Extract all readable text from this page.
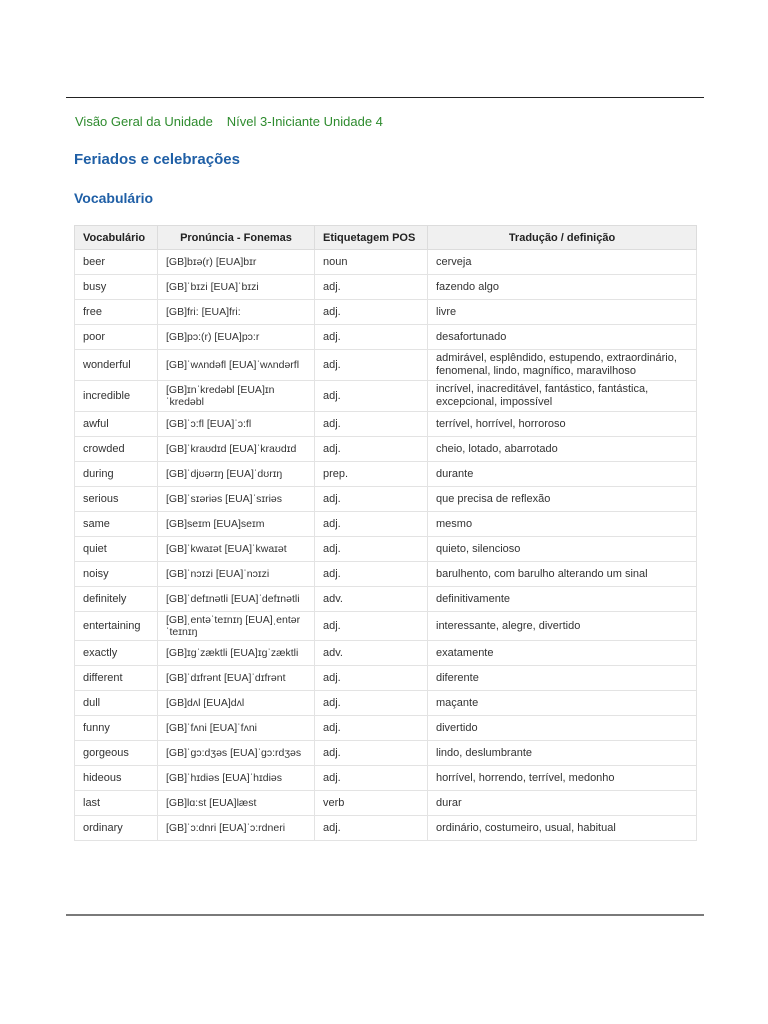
Visão Geral da Unidade Nível 3-Iniciante Unidade 4
Feriados e celebrações
Vocabulário
Vocabulário	Pronúncia - Fonemas	Etiquetagem POS	Tradução / definição
beer	[GB]bɪə(r) [EUA]bɪr	noun	cerveja
busy	[GB]ˈbɪzi [EUA]ˈbɪzi	adj.	fazendo algo
free	[GB]fri: [EUA]fri:	adj.	livre
poor	[GB]pɔ:(r) [EUA]pɔ:r	adj.	desafortunado
wonderful	[GB]ˈwʌndəfl [EUA]ˈwʌndərfl	adj.	admirável, esplêndido, estupendo, extraordinário, fenomenal, lindo, magnífico, maravilhoso
incredible	[GB]ɪnˈkredəbl [EUA]ɪnˈkredəbl	adj.	incrível, inacreditável, fantástico, fantástica, excepcional, impossível
awful	[GB]ˈɔ:fl [EUA]ˈɔ:fl	adj.	terrível, horrível, horroroso
crowded	[GB]ˈkraʊdɪd [EUA]ˈkraʊdɪd	adj.	cheio, lotado, abarrotado
during	[GB]ˈdjʊərɪŋ [EUA]ˈdʊrɪŋ	prep.	durante
serious	[GB]ˈsɪəriəs [EUA]ˈsɪriəs	adj.	que precisa de reflexão
same	[GB]seɪm [EUA]seɪm	adj.	mesmo
quiet	[GB]ˈkwaɪət [EUA]ˈkwaɪət	adj.	quieto, silencioso
noisy	[GB]ˈnɔɪzi [EUA]ˈnɔɪzi	adj.	barulhento, com barulho alterando um sinal
definitely	[GB]ˈdefɪnətli [EUA]ˈdefɪnətli	adv.	definitivamente
entertaining	[GB]ˌentəˈteɪnɪŋ [EUA]ˌentərˈteɪnɪŋ	adj.	interessante, alegre, divertido
exactly	[GB]ɪɡˈzæktli [EUA]ɪɡˈzæktli	adv.	exatamente
different	[GB]ˈdɪfrənt [EUA]ˈdɪfrənt	adj.	diferente
dull	[GB]dʌl [EUA]dʌl	adj.	maçante
funny	[GB]ˈfʌni [EUA]ˈfʌni	adj.	divertido
gorgeous	[GB]ˈɡɔ:dʒəs [EUA]ˈɡɔ:rdʒəs	adj.	lindo, deslumbrante
hideous	[GB]ˈhɪdiəs [EUA]ˈhɪdiəs	adj.	horrível, horrendo, terrível, medonho
last	[GB]lɑ:st [EUA]læst	verb	durar
ordinary	[GB]ˈɔ:dnri [EUA]ˈɔ:rdneri	adj.	ordinário, costumeiro, usual, habitual
